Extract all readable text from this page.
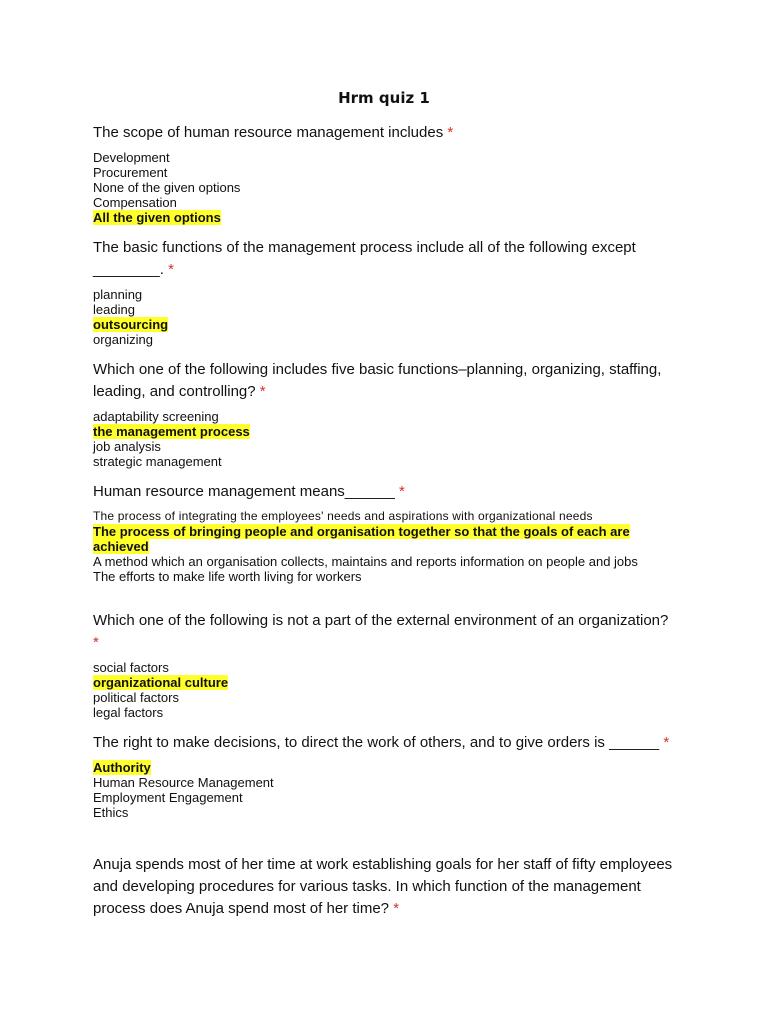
Hrm quiz 1

The scope of human resource management includes *

Development
Procurement
None of the given options
Compensation
All the given options

The basic functions of the management process include all of the following except ________. *

planning
leading
outsourcing
organizing

Which one of the following includes five basic functions–planning, organizing, staffing, leading, and controlling? *

adaptability screening
the management process
job analysis
strategic management

Human resource management means______ *

The process of integrating the employees' needs and aspirations with organizational needs
The process of bringing people and organisation together so that the goals of each are achieved
A method which an organisation collects, maintains and reports information on people and jobs
The efforts to make life worth living for workers

Which one of the following is not a part of the external environment of an organization? *

social factors
organizational culture
political factors
legal factors

The right to make decisions, to direct the work of others, and to give orders is ______ *

Authority
Human Resource Management
Employment Engagement
Ethics

Anuja spends most of her time at work establishing goals for her staff of fifty employees and developing procedures for various tasks. In which function of the management process does Anuja spend most of her time? *
